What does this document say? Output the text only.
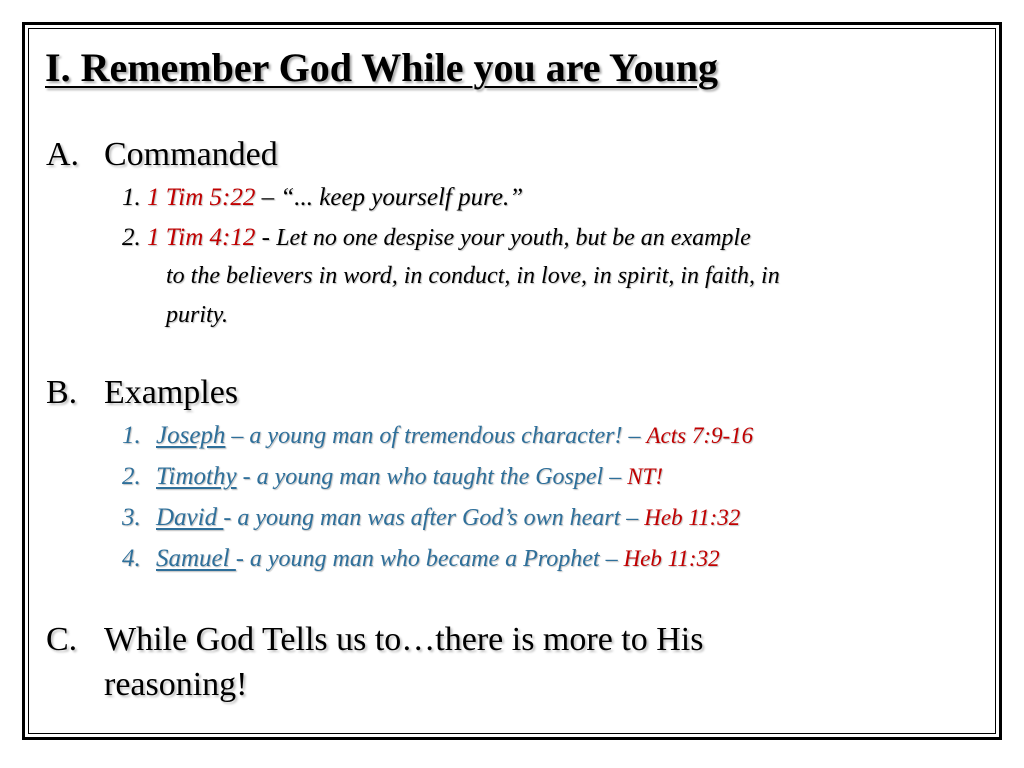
I. Remember God While you are Young

A. Commanded

1. 1 Tim 5:22 – “... keep yourself pure.”

2. 1 Tim 4:12 - Let no one despise your youth, but be an example

to the believers in word, in conduct, in love, in spirit, in faith, in

purity.

B. Examples

1. Joseph – a young man of tremendous character! – Acts 7:9-16

2. Timothy - a young man who taught the Gospel – NT!

3. David - a young man was after God’s own heart – Heb 11:32

4. Samuel - a young man who became a Prophet – Heb 11:32

C. While God Tells us to…there is more to His

reasoning!
